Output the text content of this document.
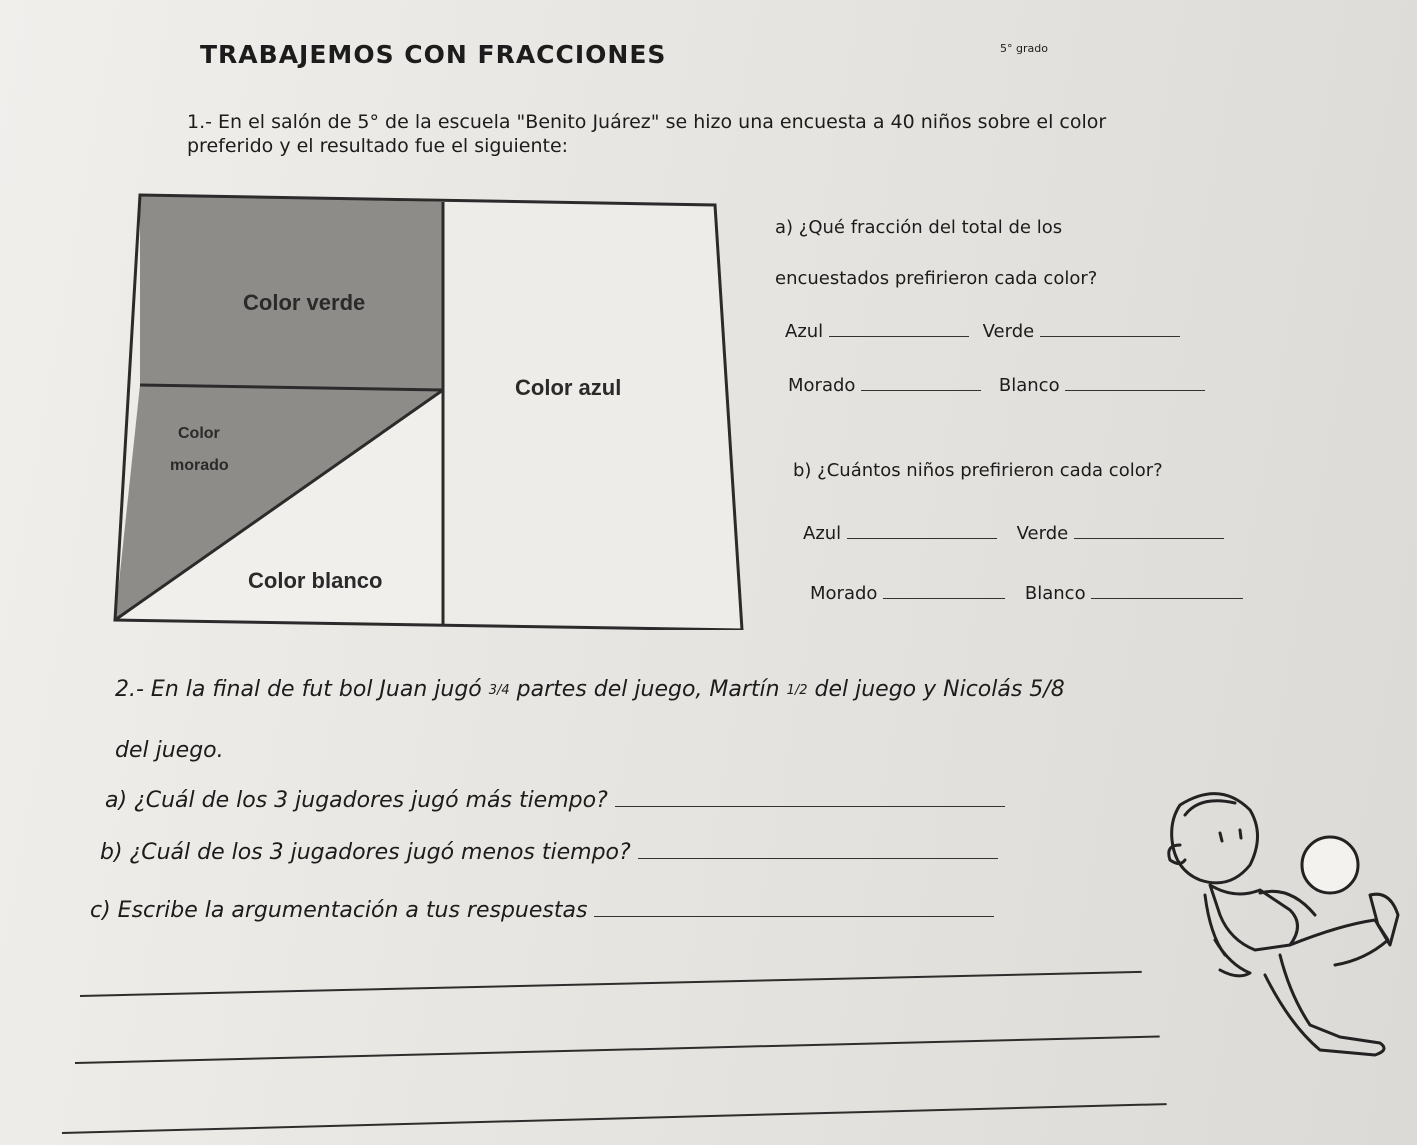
TRABAJEMOS CON FRACCIONES	5° grado
1.- En el salón de 5° de la escuela "Benito Juárez" se hizo una encuesta a 40 niños sobre el color preferido y el resultado fue el siguiente:
Color verde
Color azul
Color
morado
Color blanco
a) ¿Qué fracción del total de los
encuestados prefirieron cada color?
Azul	Verde
Morado	Blanco
b) ¿Cuántos niños prefirieron cada color?
Azul	Verde
Morado	Blanco
2.- En la final de fut bol Juan jugó 3/4 partes del juego, Martín 1/2 del juego y Nicolás 5/8
del juego.
a) ¿Cuál de los 3 jugadores jugó más tiempo?
b) ¿Cuál de los 3 jugadores jugó menos tiempo?
c) Escribe la argumentación a tus respuestas
